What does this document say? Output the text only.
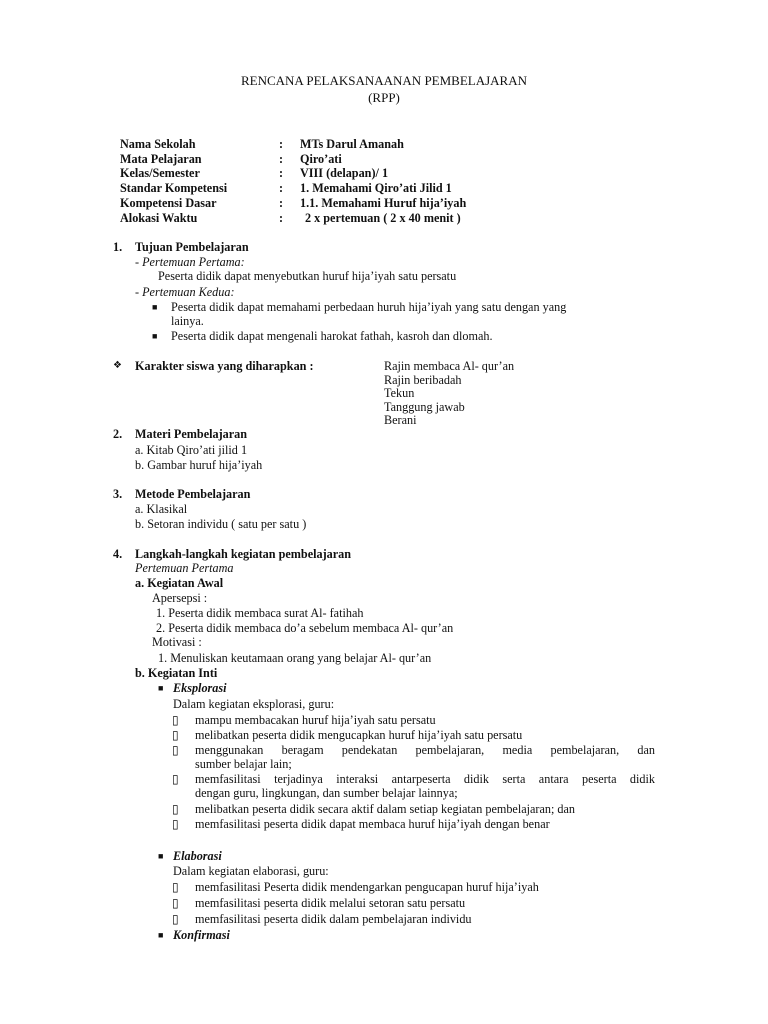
RENCANA PELAKSANAANAN PEMBELAJARAN
(RPP)
Nama Sekolah	: MTs Darul Amanah
Mata Pelajaran	: Qiro’ati
Kelas/Semester	: VIII (delapan)/ 1
Standar Kompetensi	: 1. Memahami Qiro’ati Jilid 1
Kompetensi Dasar	: 1.1. Memahami Huruf hija’iyah
Alokasi Waktu	: 2 x pertemuan ( 2 x 40 menit )
1. Tujuan Pembelajaran
- Pertemuan Pertama:
Peserta didik dapat menyebutkan huruf hija’iyah satu persatu
- Pertemuan Kedua:
■ Peserta didik dapat memahami perbedaan huruh hija’iyah yang satu dengan yang
lainya.
■ Peserta didik dapat mengenali harokat fathah, kasroh dan dlomah.
❖ Karakter siswa yang diharapkan :	Rajin membaca Al- qur’an
Rajin beribadah
Tekun
Tanggung jawab
Berani
2. Materi Pembelajaran
a. Kitab Qiro’ati jilid 1
b. Gambar huruf hija’iyah
3. Metode Pembelajaran
a. Klasikal
b. Setoran individu ( satu per satu )
4. Langkah-langkah kegiatan pembelajaran
Pertemuan Pertama
a. Kegiatan Awal
Apersepsi :
1. Peserta didik membaca surat Al- fatihah
2. Peserta didik membaca do’a sebelum membaca Al- qur’an
Motivasi :
1. Menuliskan keutamaan orang yang belajar Al- qur’an
b. Kegiatan Inti
■ Eksplorasi
Dalam kegiatan eksplorasi, guru:
▯ mampu membacakan huruf hija’iyah satu persatu
▯ melibatkan peserta didik mengucapkan huruf hija’iyah satu persatu
▯ menggunakan beragam pendekatan pembelajaran, media pembelajaran, dan
sumber belajar lain;
▯ memfasilitasi terjadinya interaksi antarpeserta didik serta antara peserta didik
dengan guru, lingkungan, dan sumber belajar lainnya;
▯ melibatkan peserta didik secara aktif dalam setiap kegiatan pembelajaran; dan
▯ memfasilitasi peserta didik dapat membaca huruf hija’iyah dengan benar
■ Elaborasi
Dalam kegiatan elaborasi, guru:
▯ memfasilitasi Peserta didik mendengarkan pengucapan huruf hija’iyah
▯ memfasilitasi peserta didik melalui setoran satu persatu
▯ memfasilitasi peserta didik dalam pembelajaran individu
■ Konfirmasi
